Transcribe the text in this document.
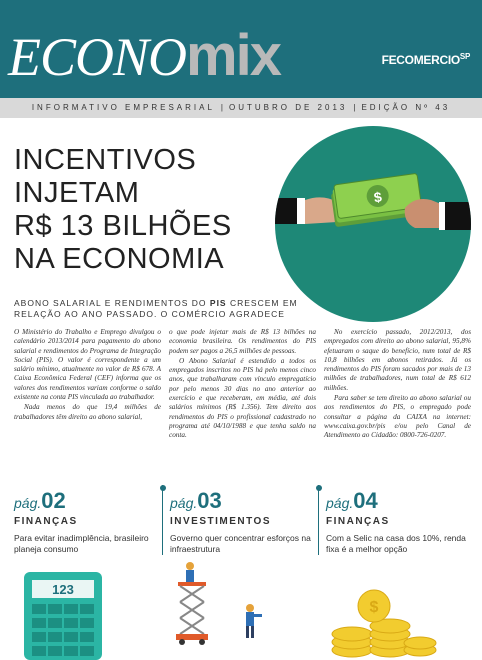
ECONOmix	$FECOMERCIO^{SP}$
INFORMATIVO EMPRESARIAL | OUTUBRO DE 2013 | EDIÇÃO Nº 43
INCENTIVOS
INJETAM
R$ 13 BILHÕES
NA ECONOMIA
$

ABONO SALARIAL E RENDIMENTOS DO PIS CRESCEM EM RELAÇÃO AO ANO PASSADO. O COMÉRCIO AGRADECE

O Ministério do Trabalho e Emprego divulgou o calendário 2013/2014 para pagamento do abono salarial e rendimentos do Programa de Integração Social (PIS). O valor é correspondente a um salário mínimo, atualmente no valor de R$ 678. A Caixa Econômica Federal (CEF) informa que os valores dos rendimentos variam conforme o saldo existente na conta PIS vinculada ao trabalhador.

Nada menos do que 19,4 milhões de trabalhadores têm direito ao abono salarial,

o que pode injetar mais de R$ 13 bilhões na economia brasileira. Os rendimentos do PIS podem ser pagos a 26,5 milhões de pessoas.

O Abono Salarial é estendido a todos os empregados inscritos no PIS há pelo menos cinco anos, que trabalharam com vínculo empregatício por pelo menos 30 dias no ano anterior ao exercício e que receberam, em média, até dois salários mínimos (R$ 1.356). Tem direito aos rendimentos do PIS o profissional cadastrado no programa até 04/10/1988 e que tenha saldo na conta.

No exercício passado, 2012/2013, dos empregados com direito ao abono salarial, 95,8% efetuaram o saque do benefício, num total de R$ 10,8 bilhões em abonos retirados. Já os rendimentos do PIS foram sacados por mais de 13 milhões de trabalhadores, num total de R$ 612 milhões.

Para saber se tem direito ao abono salarial ou aos rendimentos do PIS, o empregado pode consultar a página da CAIXA na internet: www.caixa.gov.br/pis e/ou pelo Canal de Atendimento ao Cidadão: 0800-726-0207.

pág.02
FINANÇAS
Para evitar inadimplência, brasileiro planeja consumo
pág.03
INVESTIMENTOS
Governo quer concentrar esforços na infraestrutura
pág.04
FINANÇAS
Com a Selic na casa dos 10%, renda fixa é a melhor opção
123
$
